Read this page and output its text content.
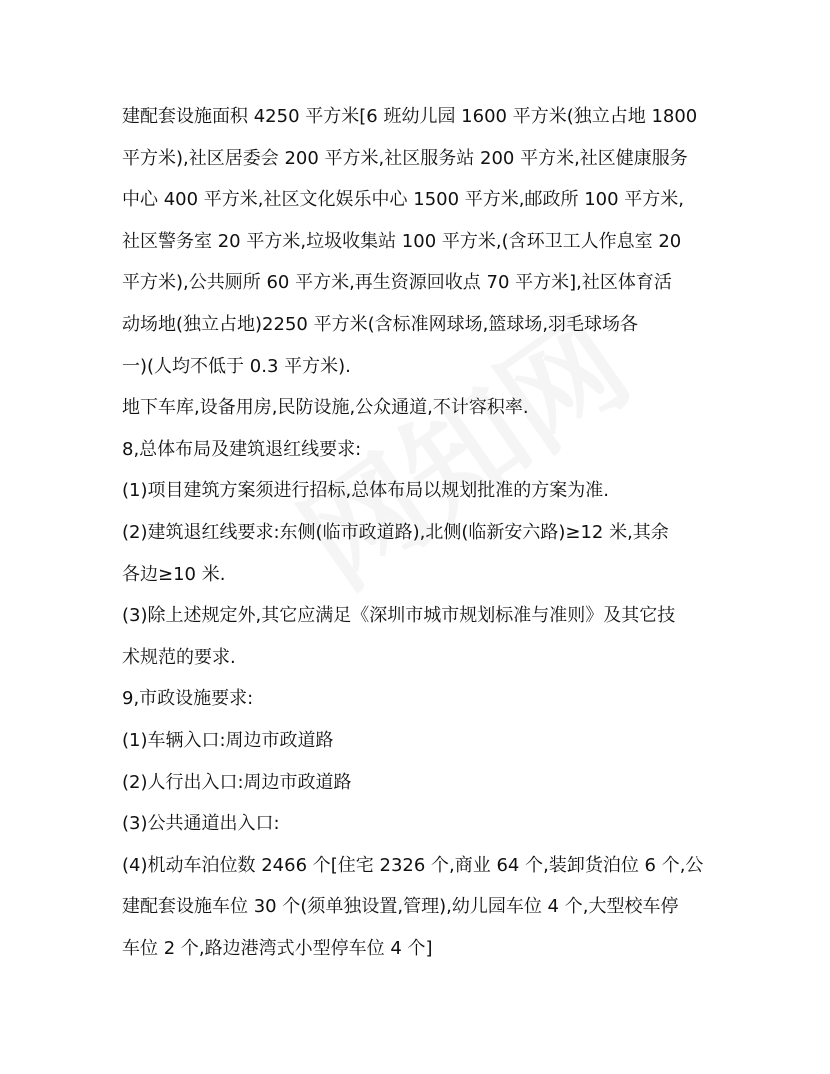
建配套设施面积 4250 平方米[6 班幼儿园 1600 平方米(独立占地 1800
平方米),社区居委会 200 平方米,社区服务站 200 平方米,社区健康服务
中心 400 平方米,社区文化娱乐中心 1500 平方米,邮政所 100 平方米,
社区警务室 20 平方米,垃圾收集站 100 平方米,(含环卫工人作息室 20
平方米),公共厕所 60 平方米,再生资源回收点 70 平方米],社区体育活
动场地(独立占地)2250 平方米(含标准网球场,篮球场,羽毛球场各
一)(人均不低于 0.3 平方米).
地下车库,设备用房,民防设施,公众通道,不计容积率.
8,总体布局及建筑退红线要求:
(1)项目建筑方案须进行招标,总体布局以规划批准的方案为准.
(2)建筑退红线要求:东侧(临市政道路),北侧(临新安六路)≥12 米,其余
各边≥10 米.
(3)除上述规定外,其它应满足《深圳市城市规划标准与准则》及其它技
术规范的要求.
9,市政设施要求:
(1)车辆入口:周边市政道路
(2)人行出入口:周边市政道路
(3)公共通道出入口:
(4)机动车泊位数 2466 个[住宅 2326 个,商业 64 个,装卸货泊位 6 个,公
建配套设施车位 30 个(须单独设置,管理),幼儿园车位 4 个,大型校车停
车位 2 个,路边港湾式小型停车位 4 个]
